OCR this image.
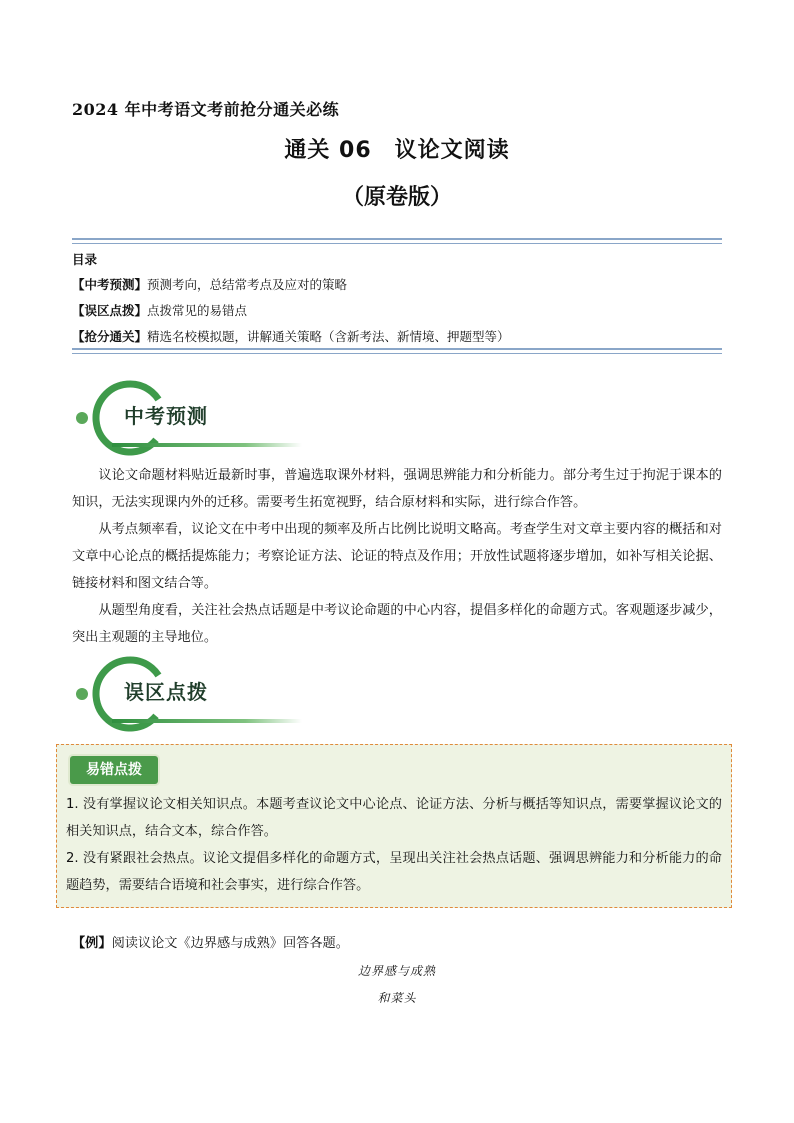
2024 年中考语文考前抢分通关必练
通关 06　议论文阅读
（原卷版）
目录
【中考预测】预测考向，总结常考点及应对的策略
【误区点拨】点拨常见的易错点
【抢分通关】精选名校模拟题，讲解通关策略（含新考法、新情境、押题型等）
中考预测
议论文命题材料贴近最新时事，普遍选取课外材料，强调思辨能力和分析能力。部分考生过于拘泥于课本的知识，无法实现课内外的迁移。需要考生拓宽视野，结合原材料和实际，进行综合作答。
从考点频率看，议论文在中考中出现的频率及所占比例比说明文略高。考查学生对文章主要内容的概括和对文章中心论点的概括提炼能力；考察论证方法、论证的特点及作用；开放性试题将逐步增加，如补写相关论据、链接材料和图文结合等。
从题型角度看，关注社会热点话题是中考议论命题的中心内容，提倡多样化的命题方式。客观题逐步减少，突出主观题的主导地位。
误区点拨
易错点拨
1. 没有掌握议论文相关知识点。本题考查议论文中心论点、论证方法、分析与概括等知识点，需要掌握议论文的相关知识点，结合文本，综合作答。
2. 没有紧跟社会热点。议论文提倡多样化的命题方式，呈现出关注社会热点话题、强调思辨能力和分析能力的命题趋势，需要结合语境和社会事实，进行综合作答。
【例】阅读议论文《边界感与成熟》回答各题。
边界感与成熟
和菜头
